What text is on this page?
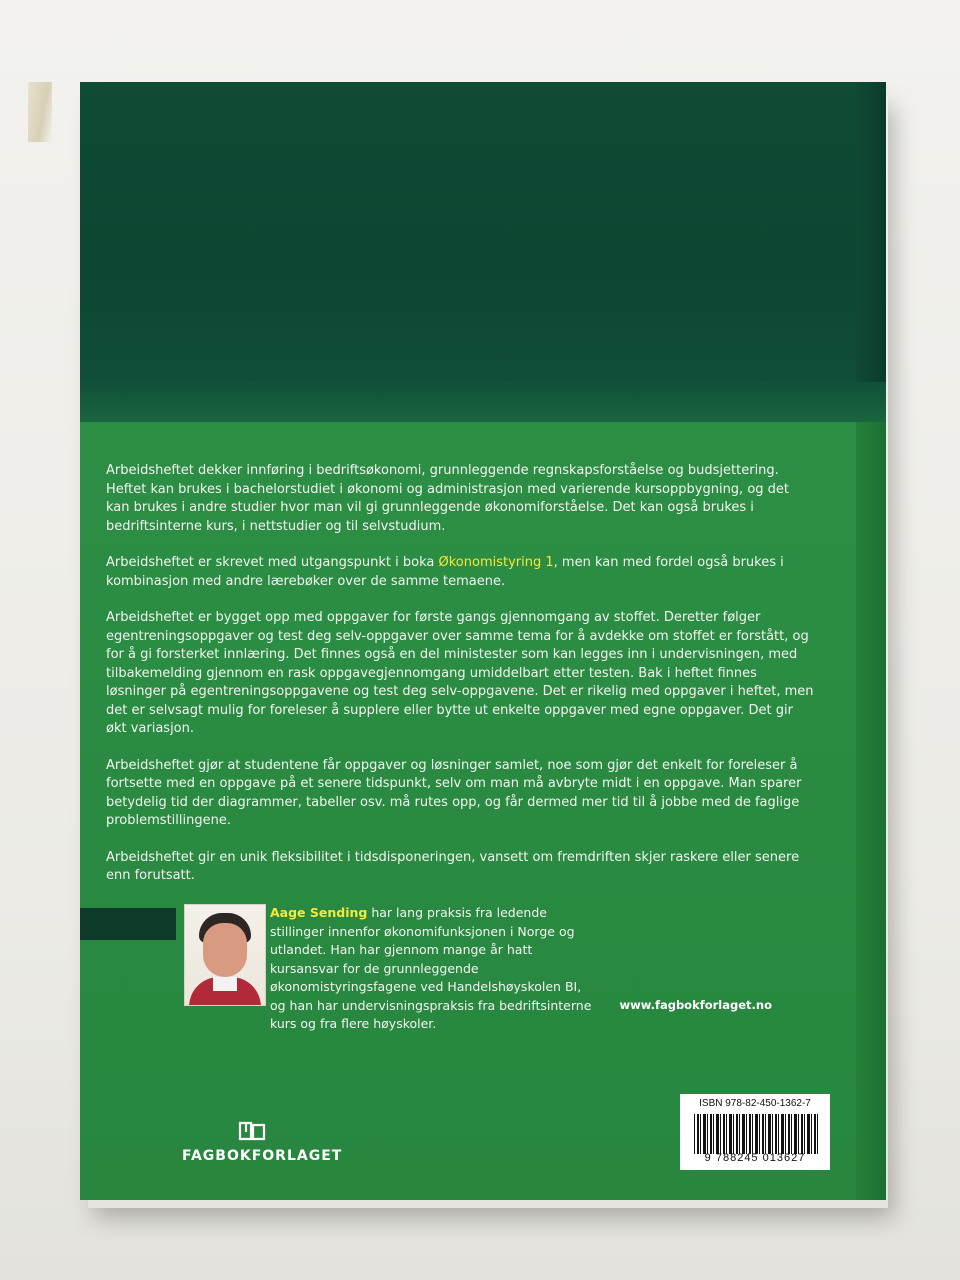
Arbeidsheftet dekker innføring i bedriftsøkonomi, grunnleggende regnskapsforståelse og budsjettering. Heftet kan brukes i bachelorstudiet i økonomi og administrasjon med varierende kursoppbygning, og det kan brukes i andre studier hvor man vil gi grunnleggende økonomiforståelse. Det kan også brukes i bedriftsinterne kurs, i nettstudier og til selvstudium.

Arbeidsheftet er skrevet med utgangspunkt i boka Økonomistyring 1, men kan med fordel også brukes i kombinasjon med andre lærebøker over de samme temaene.

Arbeidsheftet er bygget opp med oppgaver for første gangs gjennomgang av stoffet. Deretter følger egentreningsoppgaver og test deg selv-oppgaver over samme tema for å avdekke om stoffet er forstått, og for å gi forsterket innlæring. Det finnes også en del ministester som kan legges inn i undervisningen, med tilbakemelding gjennom en rask oppgavegjennomgang umiddelbart etter testen. Bak i heftet finnes løsninger på egentreningsoppgavene og test deg selv-oppgavene. Det er rikelig med oppgaver i heftet, men det er selvsagt mulig for foreleser å supplere eller bytte ut enkelte oppgaver med egne oppgaver. Det gir økt variasjon.

Arbeidsheftet gjør at studentene får oppgaver og løsninger samlet, noe som gjør det enkelt for foreleser å fortsette med en oppgave på et senere tidspunkt, selv om man må avbryte midt i en oppgave. Man sparer betydelig tid der diagrammer, tabeller osv. må rutes opp, og får dermed mer tid til å jobbe med de faglige problemstillingene.

Arbeidsheftet gir en unik fleksibilitet i tidsdisponeringen, vansett om fremdriften skjer raskere eller senere enn forutsatt.

Aage Sending har lang praksis fra ledende stillinger innenfor økonomifunksjonen i Norge og utlandet. Han har gjennom mange år hatt kursansvar for de grunnleggende økonomistyringsfagene ved Handelshøyskolen BI, og han har undervisningspraksis fra bedriftsinterne kurs og fra flere høyskoler.
www.fagbokforlaget.no
ISBN 978-82-450-1362-7
9 788245 013627
FAGBOKFORLAGET
